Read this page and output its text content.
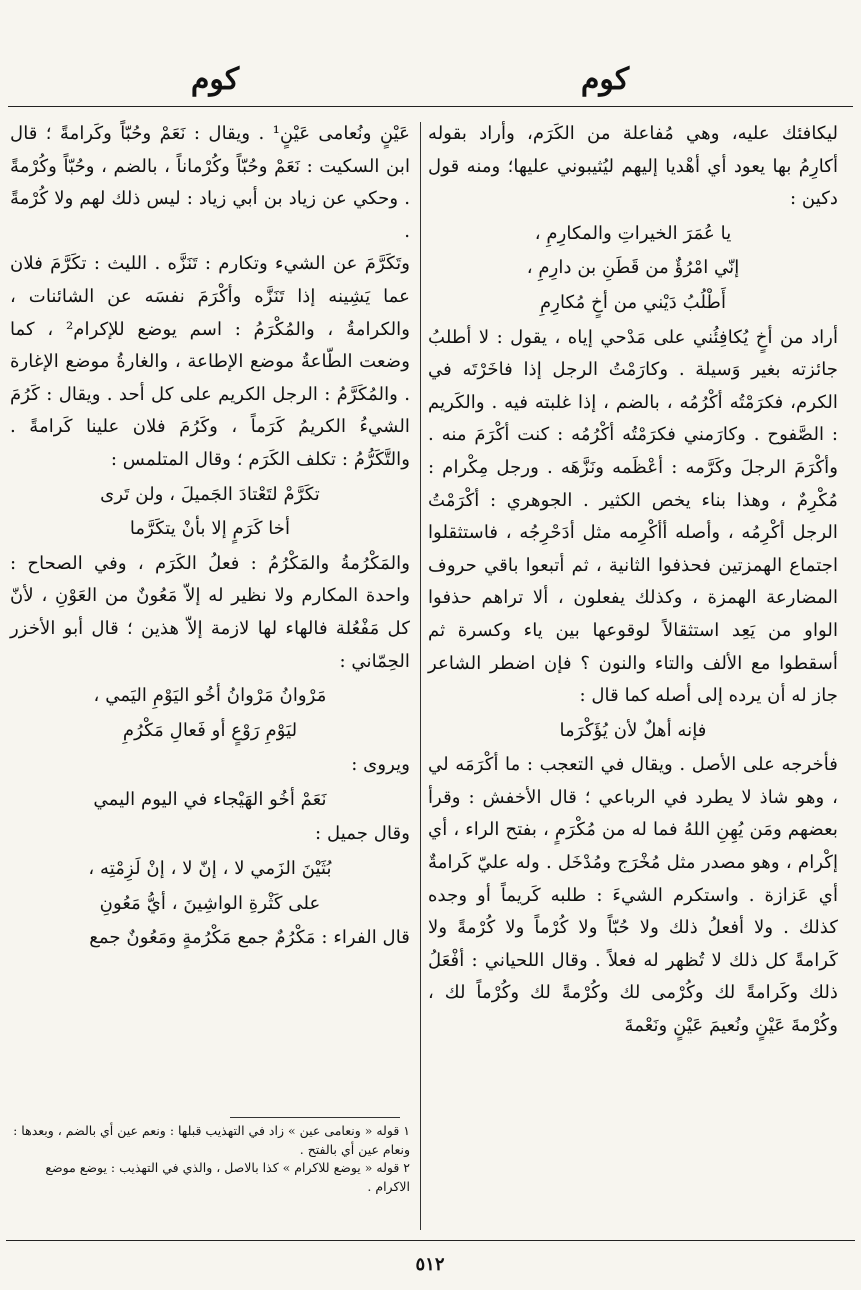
كوم
كوم

ليكافئك عليه، وهي مُفاعلة من الكَرَم، وأراد بقوله أكارِمُ بها يعود أي أهْديا إليهم ليُثيبوني عليها؛ ومنه قول دكين :

يا عُمَرَ الخيراتِ والمكارِمِ ،
إنّي امْرُؤٌ من قَطَنِ بن دارِمِ ،
أَطْلُبُ دَيْني من أخٍ مُكارِمِ

أراد من أخٍ يُكافِئُني على مَدْحي إياه ، يقول : لا أطلبُ جائزته بغير وَسيلة . وكارَمْتُ الرجل إذا فاخَرْتَه في الكرم، فكرَمْتُه أكْرُمُه ، بالضم ، إذا غلبته فيه . والكَريم : الصَّفوح . وكارَمني فكرَمْتُه أكْرُمُه : كنت أكْرَمَ منه . وأكْرَمَ الرجلَ وكَرَّمه : أعْظَمه ونَزَّهَه . ورجل مِكْرام : مُكْرِمٌ ، وهذا بناء يخص الكثير . الجوهري : أكْرَمْتُ الرجل أكْرِمُه ، وأصله أأكْرِمه مثل أدَحْرِجُه ، فاستثقلوا اجتماع الهمزتين فحذفوا الثانية ، ثم أتبعوا باقي حروف المضارعة الهمزة ، وكذلك يفعلون ، ألا تراهم حذفوا الواو من يَعِد استثقالاً لوقوعها بين ياء وكسرة ثم أسقطوا مع الألف والتاء والنون ؟ فإن اضطر الشاعر جاز له أن يرده إلى أصله كما قال :

فإنه أهلٌ لأن يُؤَكْرَما

فأخرجه على الأصل . ويقال في التعجب : ما أكْرَمَه لي ، وهو شاذ لا يطرد في الرباعي ؛ قال الأخفش : وقرأ بعضهم ومَن يُهِنِ اللهُ فما له من مُكْرَمٍ ، بفتح الراء ، أي إكْرام ، وهو مصدر مثل مُخْرَج ومُدْخَل . وله عليّ كَرامةٌ أي عَزازة . واستكرم الشيءَ : طلبه كَريماً أو وجده كذلك . ولا أفعلُ ذلك ولا حُبّاً ولا كُرْماً ولا كُرْمةً ولا كَرامةً كل ذلك لا تُظهر له فعلاً . وقال اللحياني : أفْعَلُ ذلك وكَرامةً لك وكُرْمى لك وكُرْمةً لك وكُرْماً لك ، وكُرْمةَ عَيْنٍ ونُعيمَ عَيْنٍ ونَعْمةَ

عَيْنٍ ونُعامى عَيْنٍ¹ . ويقال : نَعَمْ وحُبّاً وكَرامةً ؛ قال ابن السكيت : نَعَمْ وحُبّاً وكُرْماناً ، بالضم ، وحُبّاً وكُرْمةً . وحكي عن زياد بن أبي زياد : ليس ذلك لهم ولا كُرْمةً .

وتَكَرَّمَ عن الشيء وتكارم : تَنَزَّه . الليث : تكَرَّمَ فلان عما يَشِينه إذا تَنَزَّه وأكْرَمَ نفسَه عن الشائنات ، والكرامةُ ، والمُكْرَمُ : اسم يوضع للإكرام² ، كما وضعت الطّاعةُ موضع الإطاعة ، والغارةُ موضع الإغارة . والمُكَرَّمُ : الرجل الكريم على كل أحد . ويقال : كَرُمَ الشيءُ الكريمُ كَرَماً ، وكَرُمَ فلان علينا كَرامةً . والتَّكَرُّمُ : تكلف الكَرَم ؛ وقال المتلمس :

تكَرَّمْ لتَعْتادَ الجَميلَ ، ولن تَرى
أخا كَرَمٍ إلا بأنْ يتكَرَّما

والمَكْرُمةُ والمَكْرُمُ : فعلُ الكَرَم ، وفي الصحاح : واحدة المكارم ولا نظير له إلاّ مَعُونٌ من العَوْنِ ، لأنّ كل مَفْعُلة فالهاء لها لازمة إلاّ هذين ؛ قال أبو الأخزر الحِمّاني :

مَرْوانُ مَرْوانُ أخُو اليَوْمِ اليَمي ،
ليَوْمِ رَوْعٍ أو فَعالِ مَكْرُمِ

ويروى :

نَعَمْ أخُو الهَيْجاء في اليوم اليمي

وقال جميل :

بُثَيْنَ الزَمي لا ، إنّ لا ، إنْ لَزِمْتِه ،
على كَثْرةِ الواشِينَ ، أيُّ مَعُونِ

قال الفراء : مَكْرُمٌ جمع مَكْرُمةٍ ومَعُونٌ جمع

١ قوله « ونعامى عين » زاد في التهذيب قبلها : ونعم عين أي بالضم ، وبعدها : ونعام عين أي بالفتح .

٢ قوله « يوضع للاكرام » كذا بالاصل ، والذي في التهذيب : يوضع موضع الاكرام .

٥١٢
